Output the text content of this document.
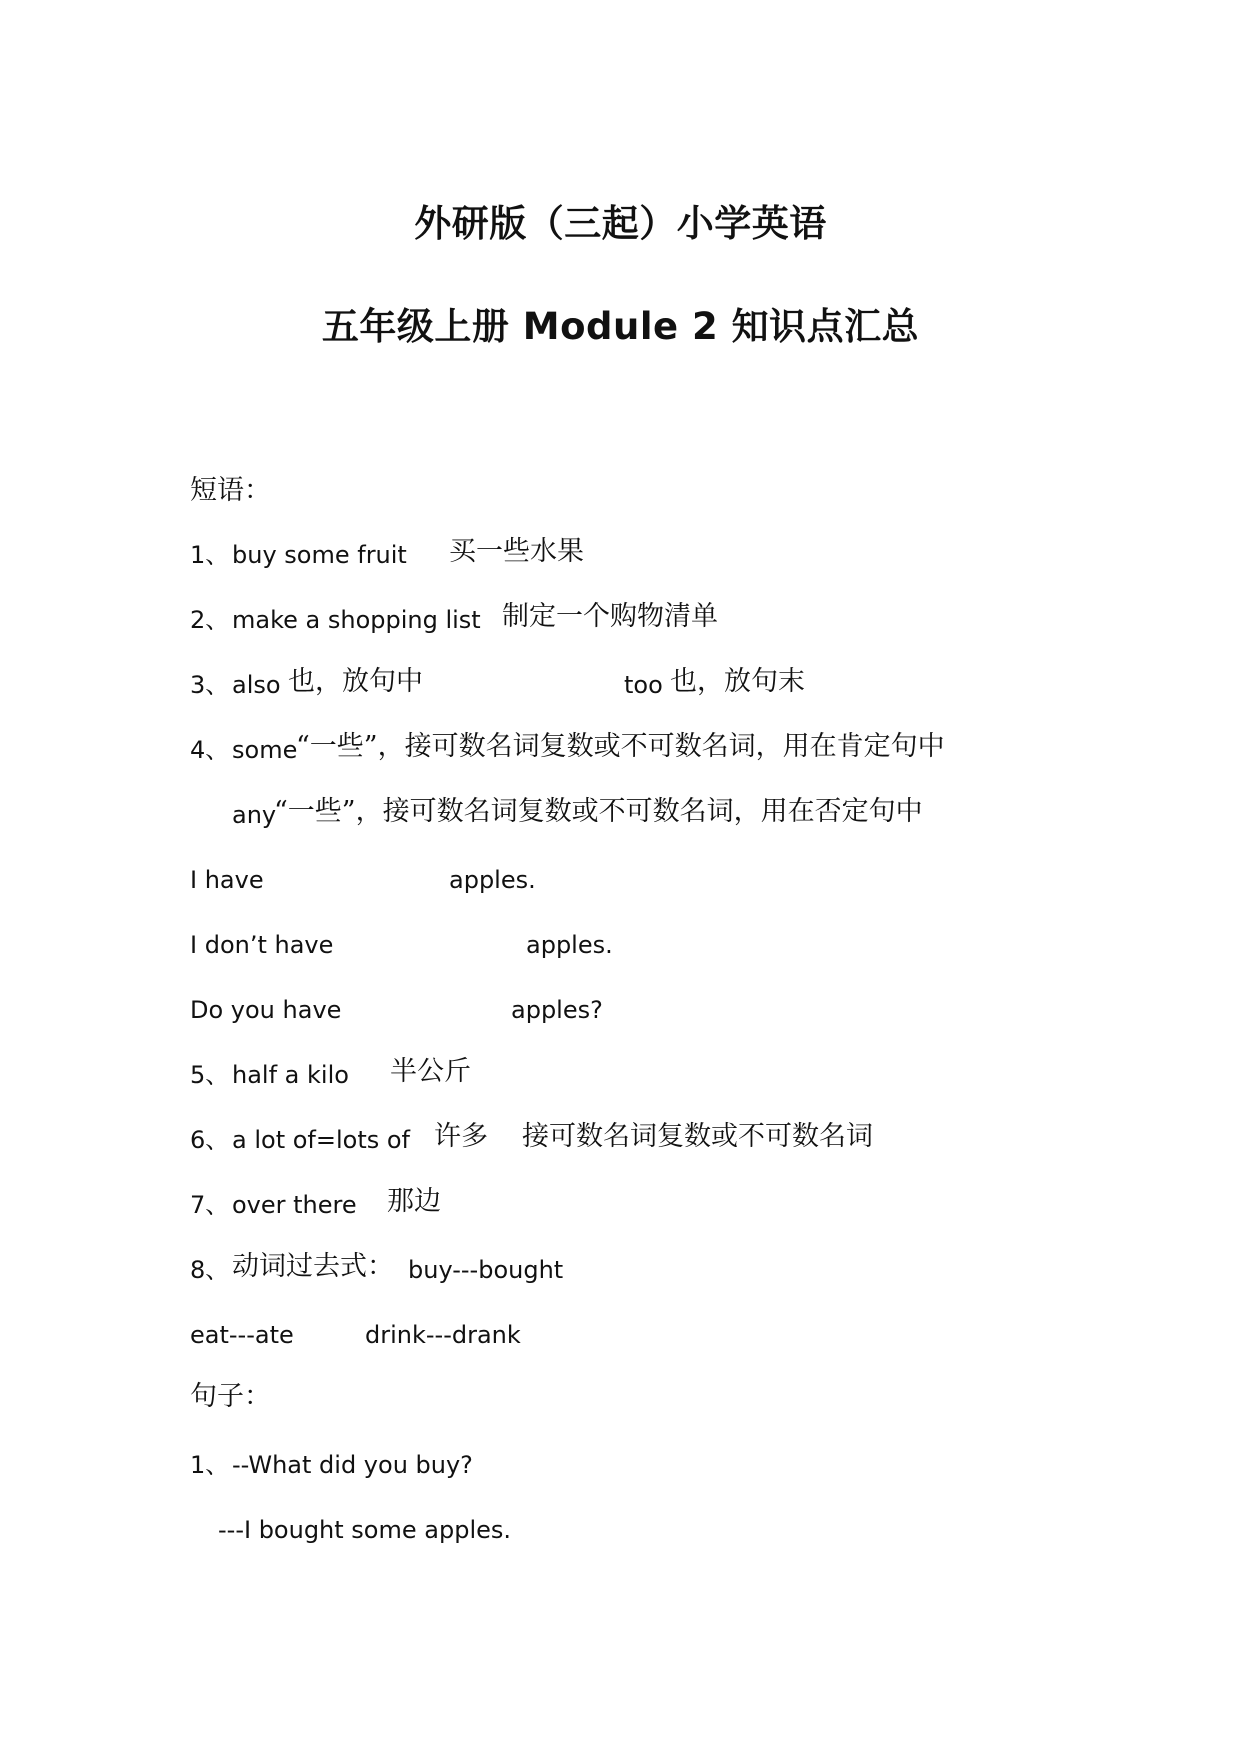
外研版（三起）小学英语
五年级上册 Module 2 知识点汇总
短语：
1、 buy some fruit 买一些水果
2、 make a shopping list 制定一个购物清单
3、 also 也，放句中	too 也，放句末
4、 some
“一些”，接可数名词复数或不可数名词，用在肯定句中
any
“一些”，接可数名词复数或不可数名词，用在否定句中
I have	apples.
I don’t have	apples.
Do you have	apples?
5、 half a kilo 半公斤
6、 a lot of=lots of 许多 接可数名词复数或不可数名词
7、 over there 那边
8、 动词过去式： buy---bought
eat---ate	drink---drank
句子：
1、 --What did you buy?
---I bought some apples.
